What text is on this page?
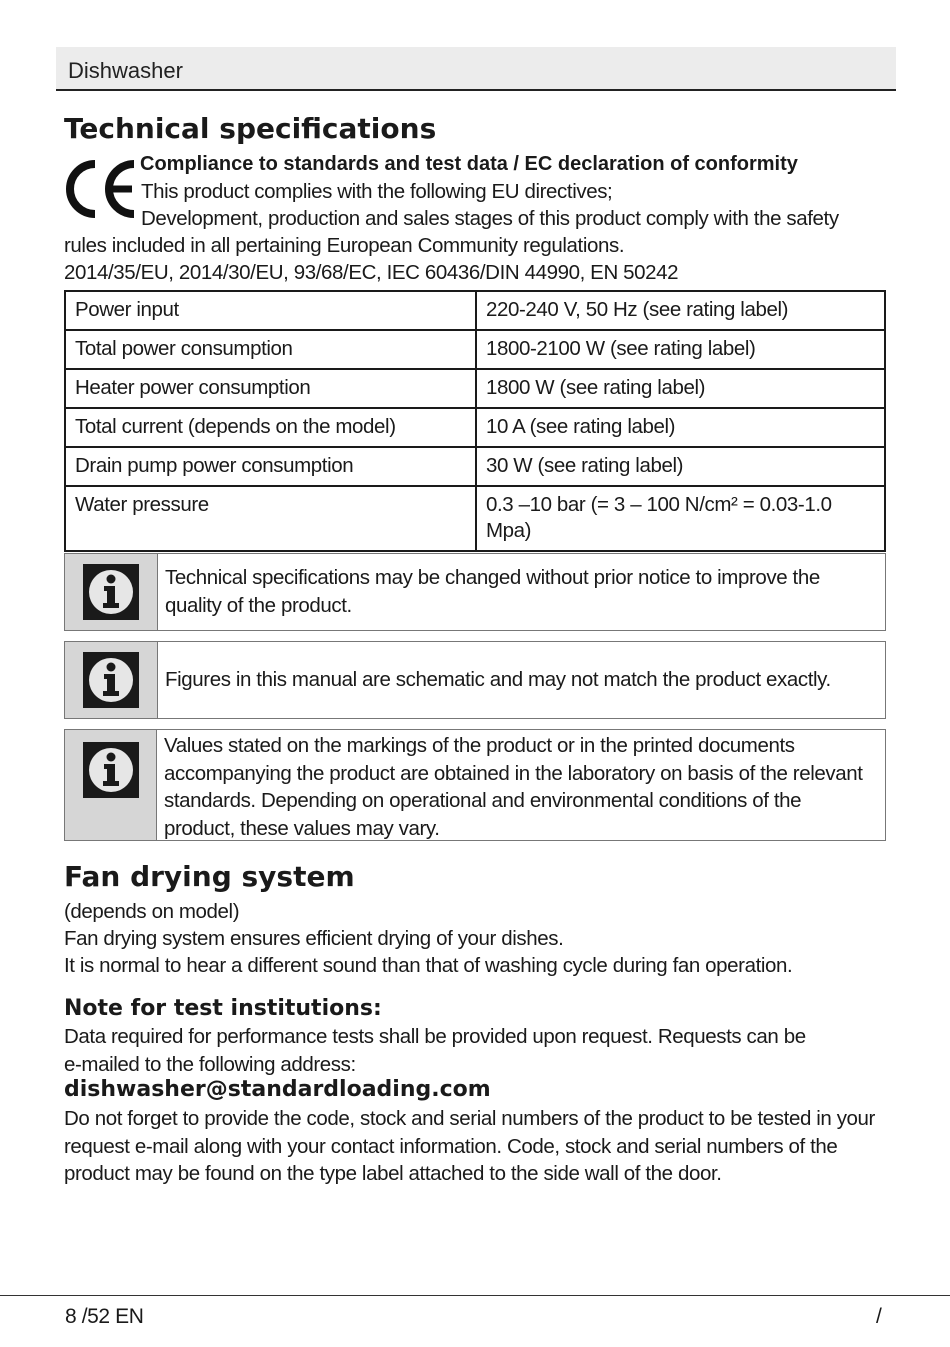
Dishwasher
Technical specifications
Compliance to standards and test data / EC declaration of conformity
This product complies with the following EU directives;
Development, production and sales stages of this product comply with the safety
rules included in all pertaining European Community regulations.
2014/35/EU, 2014/30/EU, 93/68/EC, IEC 60436/DIN 44990, EN 50242
Power input	220-240 V, 50 Hz (see rating label)
Total power consumption	1800-2100 W (see rating label)
Heater power consumption	1800 W (see rating label)
Total current (depends on the model)	10 A (see rating label)
Drain pump power consumption	30 W (see rating label)
Water pressure	0.3 –10 bar (= 3 – 100 N/cm² = 0.03-1.0 Mpa)
Technical specifications may be changed without prior notice to improve the quality of the product.
Figures in this manual are schematic and may not match the product exactly.
Values stated on the markings of the product or in the printed documents accompanying the product are obtained in the laboratory on basis of the relevant standards. Depending on operational and environmental conditions of the product, these values may vary.
Fan drying system
(depends on model)
Fan drying system ensures efficient drying of your dishes.
It is normal to hear a different sound than that of washing cycle during fan operation.
Note for test institutions:
Data required for performance tests shall be provided upon request. Requests can be e-mailed to the following address:
dishwasher@standardloading.com
Do not forget to provide the code, stock and serial numbers of the product to be tested in your request e-mail along with your contact information. Code, stock and serial numbers of the product may be found on the type label attached to the side wall of the door.
8 /52 EN	/
